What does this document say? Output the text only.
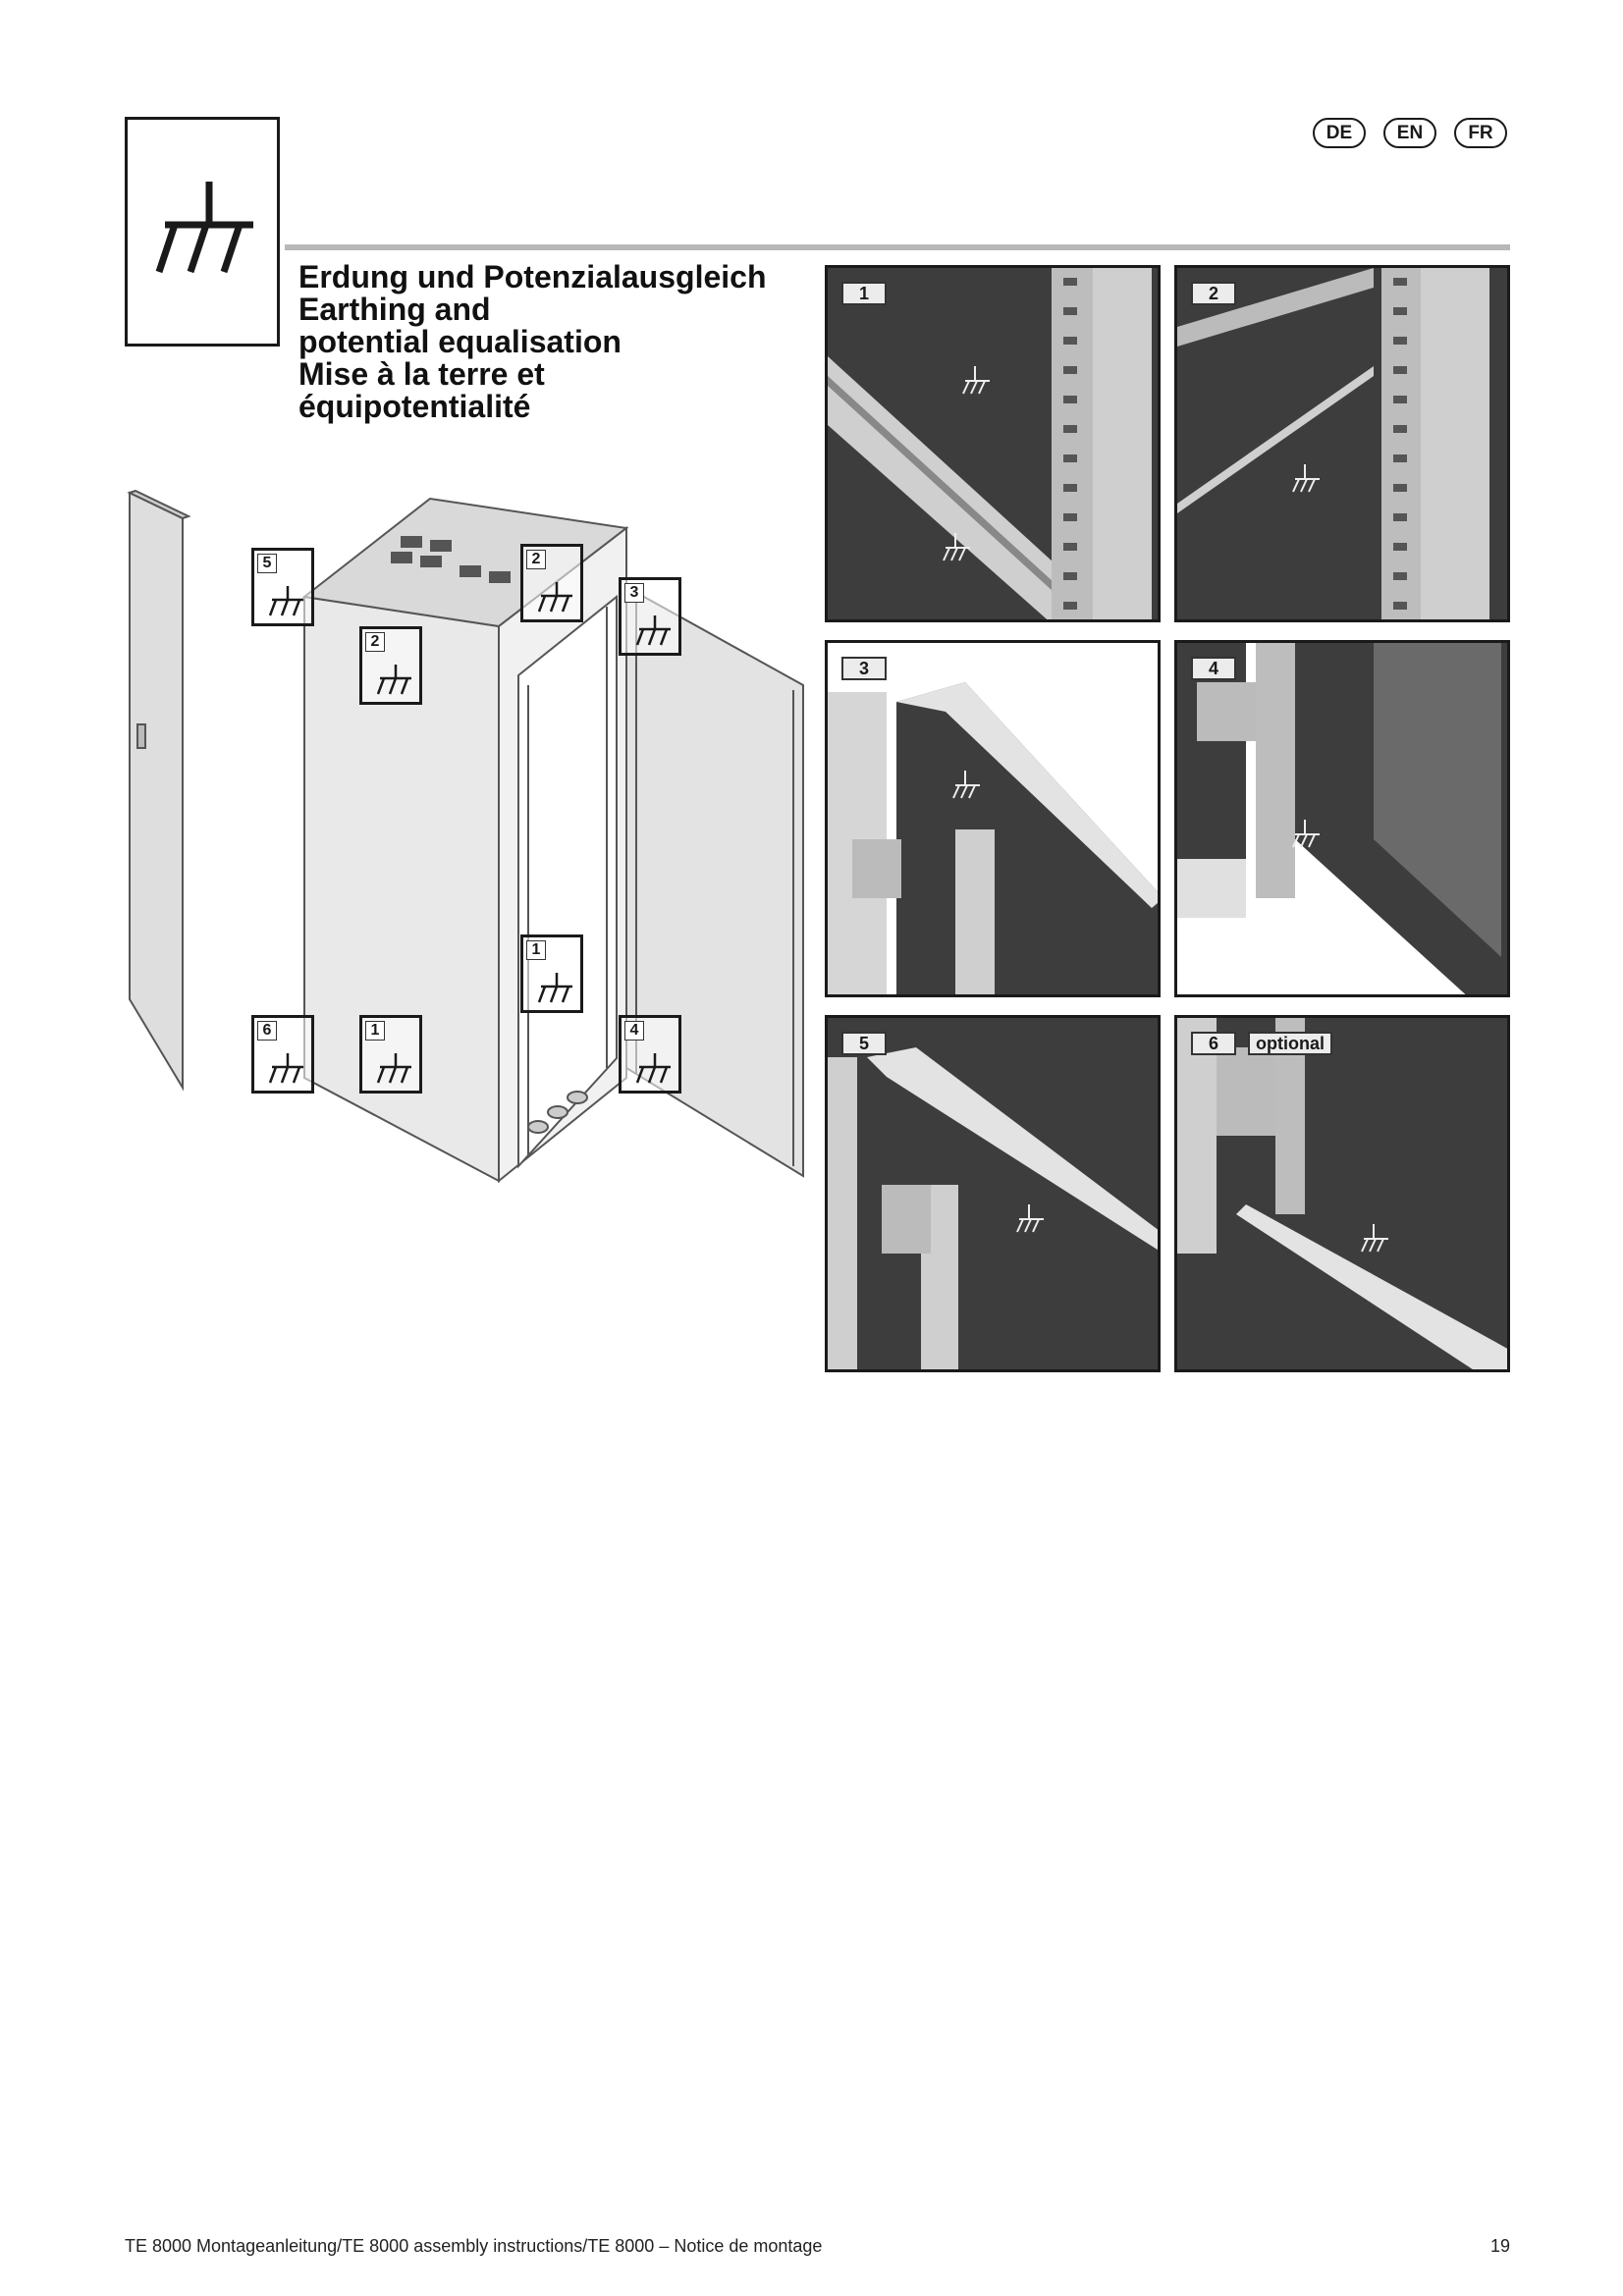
DE	EN	FR
Erdung und Potenzialausgleich
Earthing and
potential equalisation
Mise à la terre et
équipotentialité
5	2
2
3
1
6	1	4
1	2
3	4
5	6	optional
TE 8000 Montageanleitung/TE 8000 assembly instructions/TE 8000 – Notice de montage	19
